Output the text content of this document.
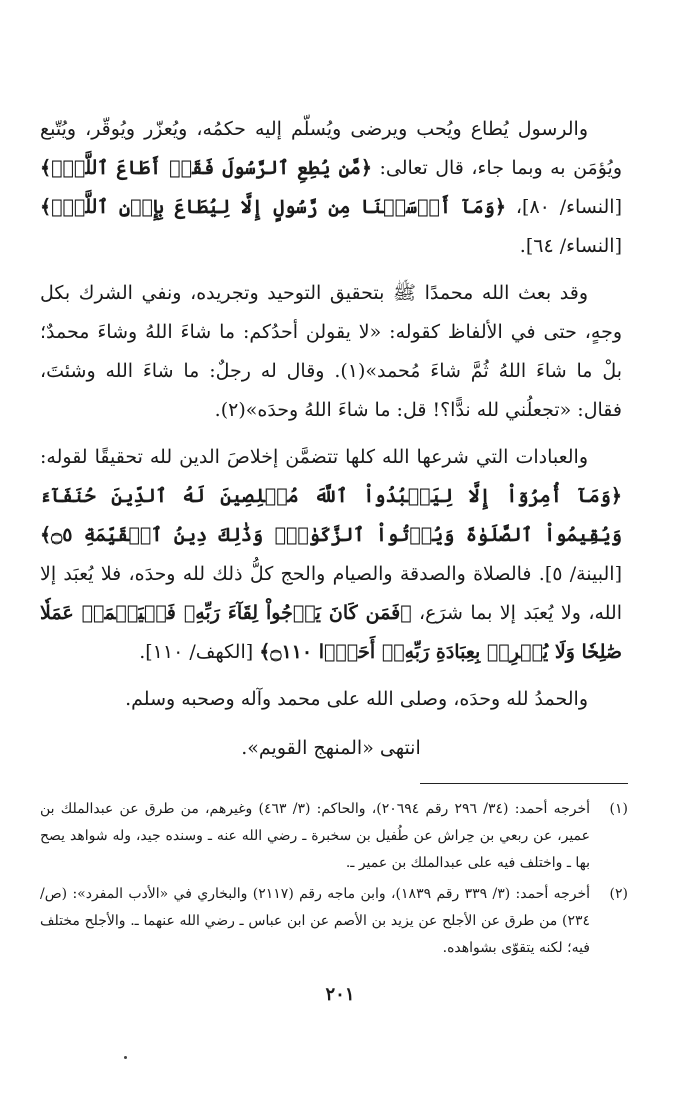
والرسول يُطاع ويُحب ويرضى ويُسلّم إليه حكمُه، ويُعزّر ويُوقّر، ويُتّبع ويُؤمَن به وبما جاء، قال تعالى: ﴿مَّن يُطِعِ ٱلرَّسُولَ فَقَدۡ أَطَاعَ ٱللَّهَۖ﴾ [النساء/ ٨٠]، ﴿وَمَآ أَرۡسَلۡنَا مِن رَّسُولٍ إِلَّا لِيُطَاعَ بِإِذۡنِ ٱللَّهِۚ﴾ [النساء/ ٦٤].

وقد بعث الله محمدًا ﷺ بتحقيق التوحيد وتجريده، ونفي الشرك بكل وجهٍ، حتى في الألفاظ كقوله: «لا يقولن أحدُكم: ما شاءَ اللهُ وشاءَ محمدٌ؛ بلْ ما شاءَ اللهُ ثُمَّ شاءَ مُحمد»(١). وقال له رجلٌ: ما شاءَ الله وشئتَ، فقال: «تجعلُني لله ندًّا؟! قل: ما شاءَ اللهُ وحدَه»(٢).

والعبادات التي شرعها الله كلها تتضمَّن إخلاصَ الدين لله تحقيقًا لقوله: ﴿وَمَآ أُمِرُوٓاْ إِلَّا لِيَعۡبُدُواْ ٱللَّهَ مُخۡلِصِينَ لَهُ ٱلدِّينَ حُنَفَآءَ وَيُقِيمُواْ ٱلصَّلَوٰةَ وَيُؤۡتُواْ ٱلزَّكَوٰةَۚ وَذَٰلِكَ دِينُ ٱلۡقَيِّمَةِ ۝٥﴾ [البينة/ ٥]. فالصلاة والصدقة والصيام والحج كلُّ ذلك لله وحدَه، فلا يُعبَد إلا الله، ولا يُعبَد إلا بما شرَع، ﴿فَمَن كَانَ يَرۡجُواْ لِقَآءَ رَبِّهِۦ فَلۡيَعۡمَلۡ عَمَلٗا صَٰلِحٗا وَلَا يُشۡرِكۡ بِعِبَادَةِ رَبِّهِۦٓ أَحَدَۢا ۝١١٠﴾ [الكهف/ ١١٠].

والحمدُ لله وحدَه، وصلى الله على محمد وآله وصحبه وسلم.

انتهى «المنهج القويم».

(١)
أخرجه أحمد: (٣٤/ ٢٩٦ رقم ٢٠٦٩٤)، والحاكم: (٣/ ٤٦٣) وغيرهم، من طرق عن عبدالملك بن عمير، عن ربعي بن حِراش عن طُفيل بن سخبرة ـ رضي الله عنه ـ وسنده جيد، وله شواهد يصح بها ـ واختلف فيه على عبدالملك بن عمير ـ.
(٢)
أخرجه أحمد: (٣/ ٣٣٩ رقم ١٨٣٩)، وابن ماجه رقم (٢١١٧) والبخاري في «الأدب المفرد»: (ص/ ٢٣٤) من طرق عن الأجلح عن يزيد بن الأصم عن ابن عباس ـ رضي الله عنهما ـ. والأجلح مختلف فيه؛ لكنه يتقوّى بشواهده.
٢٠١
